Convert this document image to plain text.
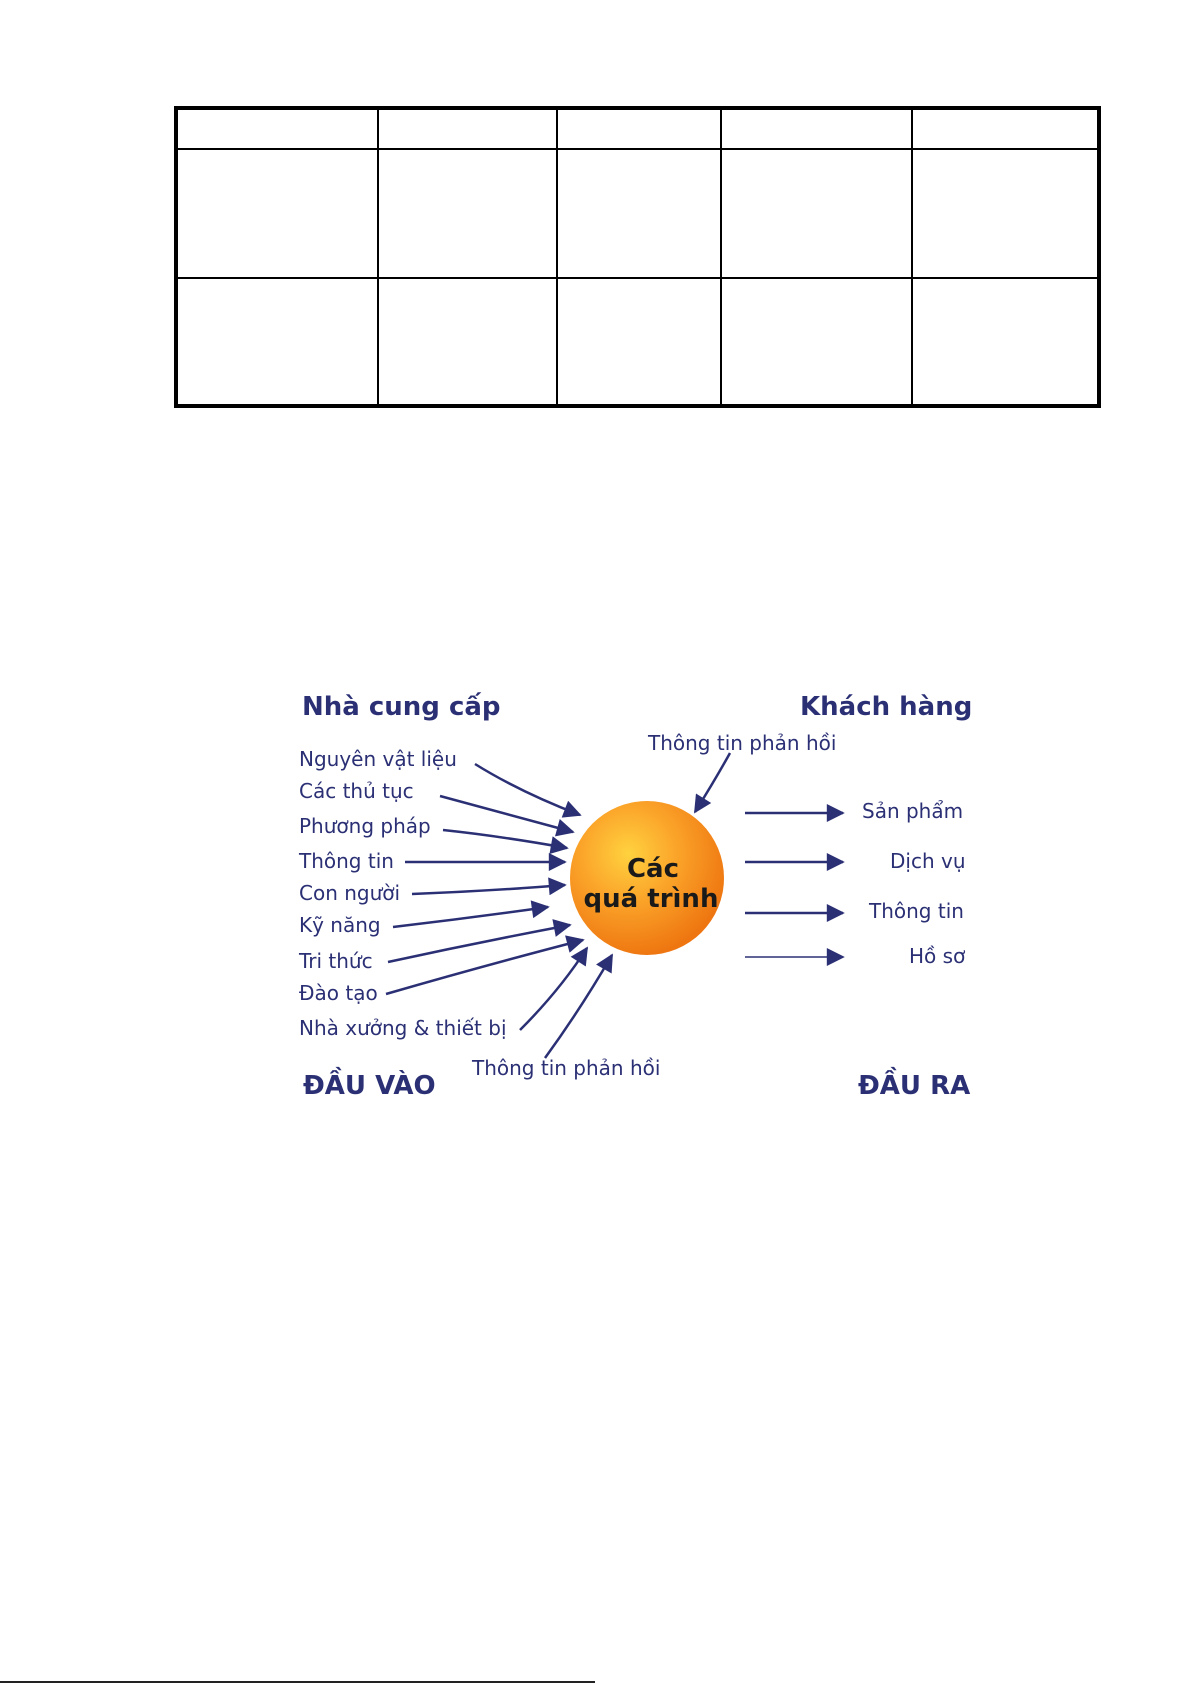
Các
quá trình
Nhà cung cấp	Khách hàng
ĐẦU VÀO	ĐẦU RA
Thông tin phản hồi
Thông tin phản hồi
Nguyên vật liệu
Các thủ tục
Phương pháp
Thông tin
Con người
Kỹ năng
Tri thức
Đào tạo
Nhà xưởng & thiết bị
Sản phẩm
Dịch vụ
Thông tin
Hồ sơ
